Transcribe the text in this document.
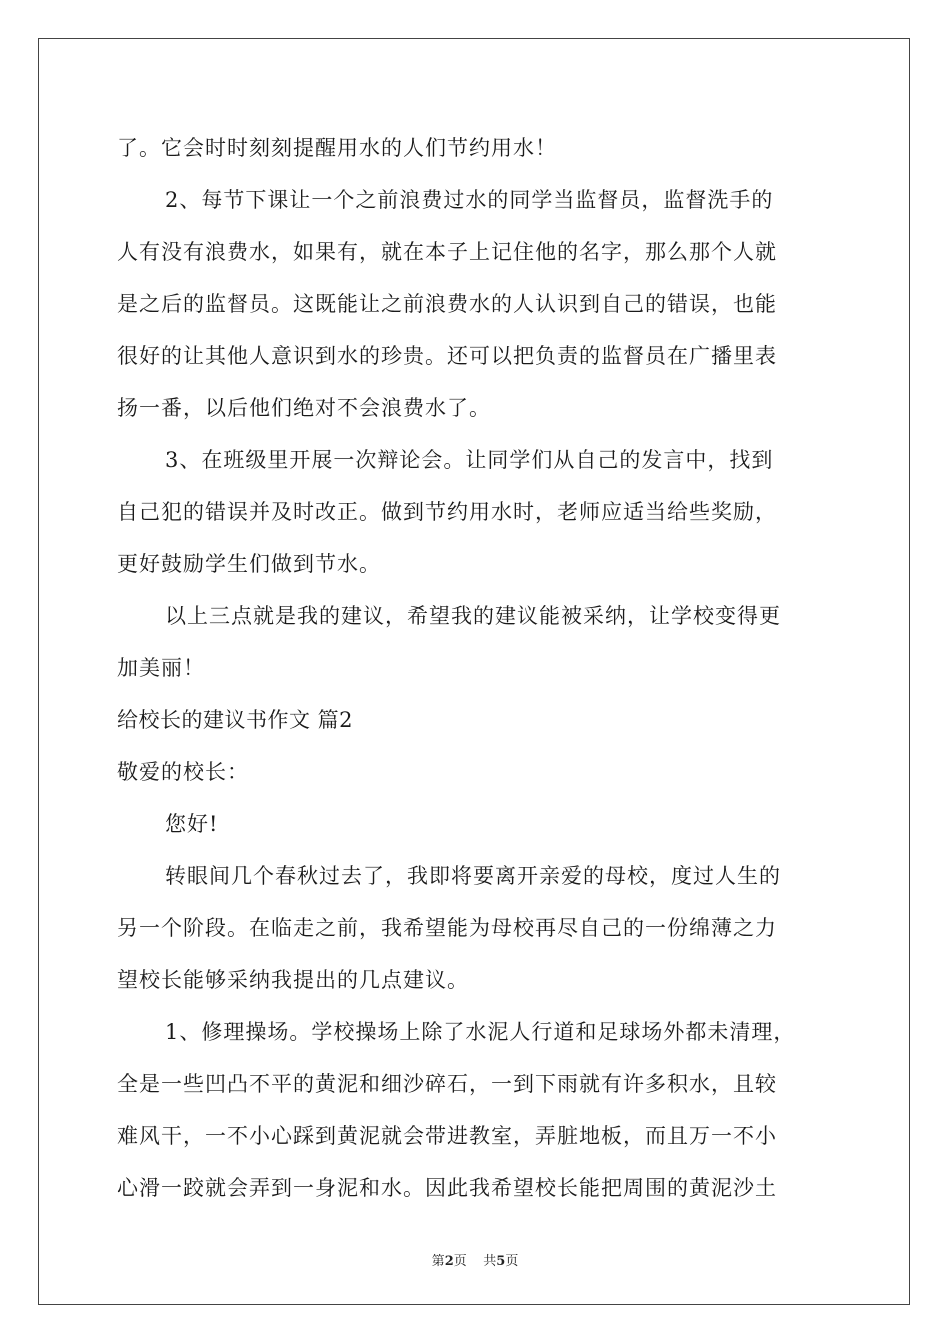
了。它会时时刻刻提醒用水的人们节约用水！
2、每节下课让一个之前浪费过水的同学当监督员，监督洗手的
人有没有浪费水，如果有，就在本子上记住他的名字，那么那个人就
是之后的监督员。这既能让之前浪费水的人认识到自己的错误，也能
很好的让其他人意识到水的珍贵。还可以把负责的监督员在广播里表
扬一番，以后他们绝对不会浪费水了。
3、在班级里开展一次辩论会。让同学们从自己的发言中，找到
自己犯的错误并及时改正。做到节约用水时，老师应适当给些奖励，
更好鼓励学生们做到节水。
以上三点就是我的建议，希望我的建议能被采纳，让学校变得更
加美丽！
给校长的建议书作文 篇2
敬爱的校长：
您好!
转眼间几个春秋过去了，我即将要离开亲爱的母校，度过人生的
另一个阶段。在临走之前，我希望能为母校再尽自己的一份绵薄之力
望校长能够采纳我提出的几点建议。
1、修理操场。学校操场上除了水泥人行道和足球场外都未清理，
全是一些凹凸不平的黄泥和细沙碎石，一到下雨就有许多积水，且较
难风干，一不小心踩到黄泥就会带进教室，弄脏地板，而且万一不小
心滑一跤就会弄到一身泥和水。因此我希望校长能把周围的黄泥沙土
第2页    共5页
